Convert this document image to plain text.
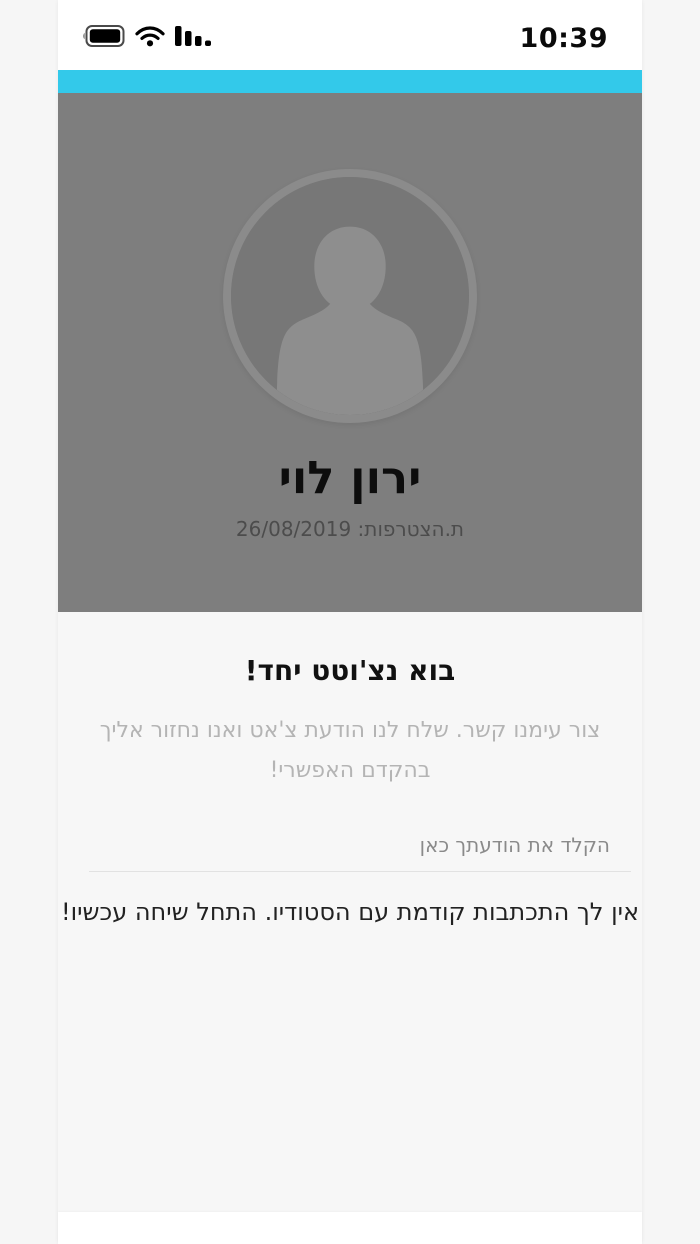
10:39
ירון לוי
ת.הצטרפות: 26/08/2019
בוא נצ'וטט יחד!

צור עימנו קשר. שלח לנו הודעת צ'אט ואנו נחזור אליך בהקדם האפשרי!

הקלד את הודעתך כאן

אין לך התכתבות קודמת עם הסטודיו. התחל שיחה עכשיו!
